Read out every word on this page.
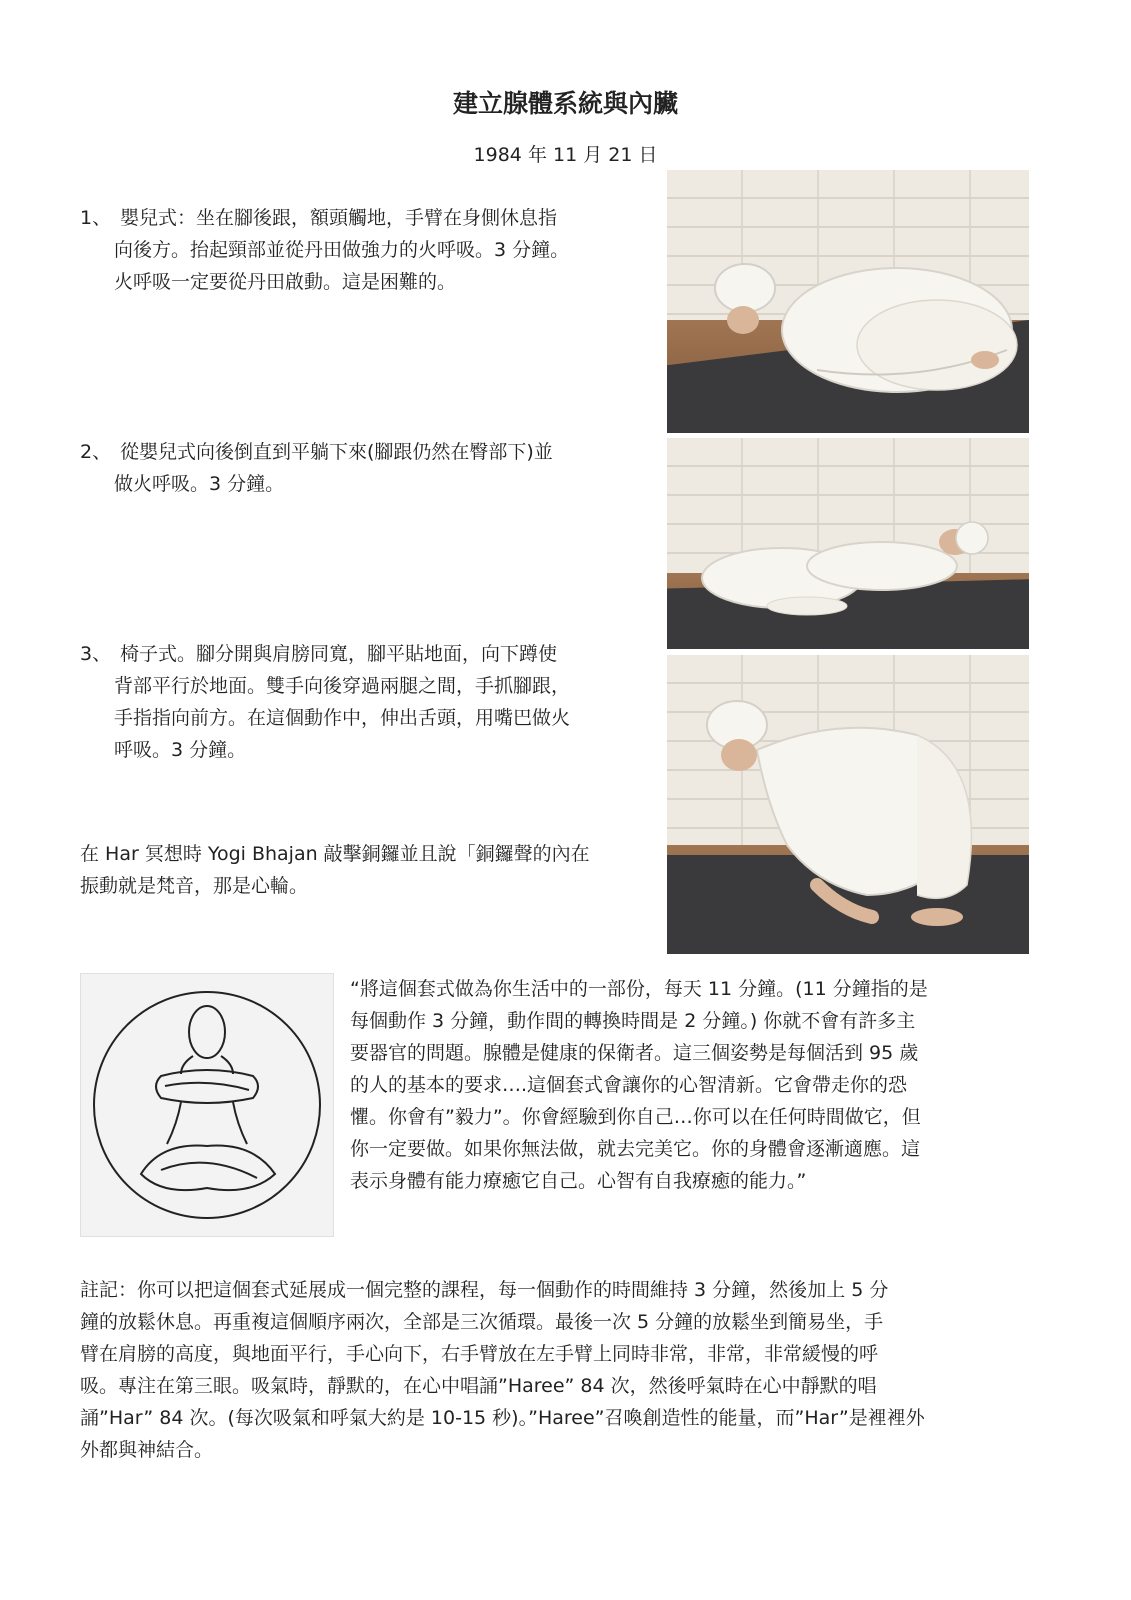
建立腺體系統與內臟
1984 年 11 月 21 日
1、 嬰兒式：坐在腳後跟，額頭觸地，手臂在身側休息指
向後方。抬起頸部並從丹田做強力的火呼吸。3 分鐘。
火呼吸一定要從丹田啟動。這是困難的。
2、 從嬰兒式向後倒直到平躺下來(腳跟仍然在臀部下)並
做火呼吸。3 分鐘。
3、 椅子式。腳分開與肩膀同寬，腳平貼地面，向下蹲使
背部平行於地面。雙手向後穿過兩腿之間，手抓腳跟，
手指指向前方。在這個動作中，伸出舌頭，用嘴巴做火
呼吸。3 分鐘。
在 Har 冥想時 Yogi Bhajan 敲擊銅鑼並且說「銅鑼聲的內在
振動就是梵音，那是心輪。
“將這個套式做為你生活中的一部份，每天 11 分鐘。(11 分鐘指的是
每個動作 3 分鐘，動作間的轉換時間是 2 分鐘。) 你就不會有許多主
要器官的問題。腺體是健康的保衛者。這三個姿勢是每個活到 95 歲
的人的基本的要求….這個套式會讓你的心智清新。它會帶走你的恐
懼。你會有”毅力”。你會經驗到你自己…你可以在任何時間做它，但
你一定要做。如果你無法做，就去完美它。你的身體會逐漸適應。這
表示身體有能力療癒它自己。心智有自我療癒的能力。”
註記：你可以把這個套式延展成一個完整的課程，每一個動作的時間維持 3 分鐘，然後加上 5 分
鐘的放鬆休息。再重複這個順序兩次，全部是三次循環。最後一次 5 分鐘的放鬆坐到簡易坐，手
臂在肩膀的高度，與地面平行，手心向下，右手臂放在左手臂上同時非常，非常，非常緩慢的呼
吸。專注在第三眼。吸氣時，靜默的，在心中唱誦”Haree” 84 次，然後呼氣時在心中靜默的唱
誦”Har” 84 次。(每次吸氣和呼氣大約是 10-15 秒)。”Haree”召喚創造性的能量，而”Har”是裡裡外
外都與神結合。
